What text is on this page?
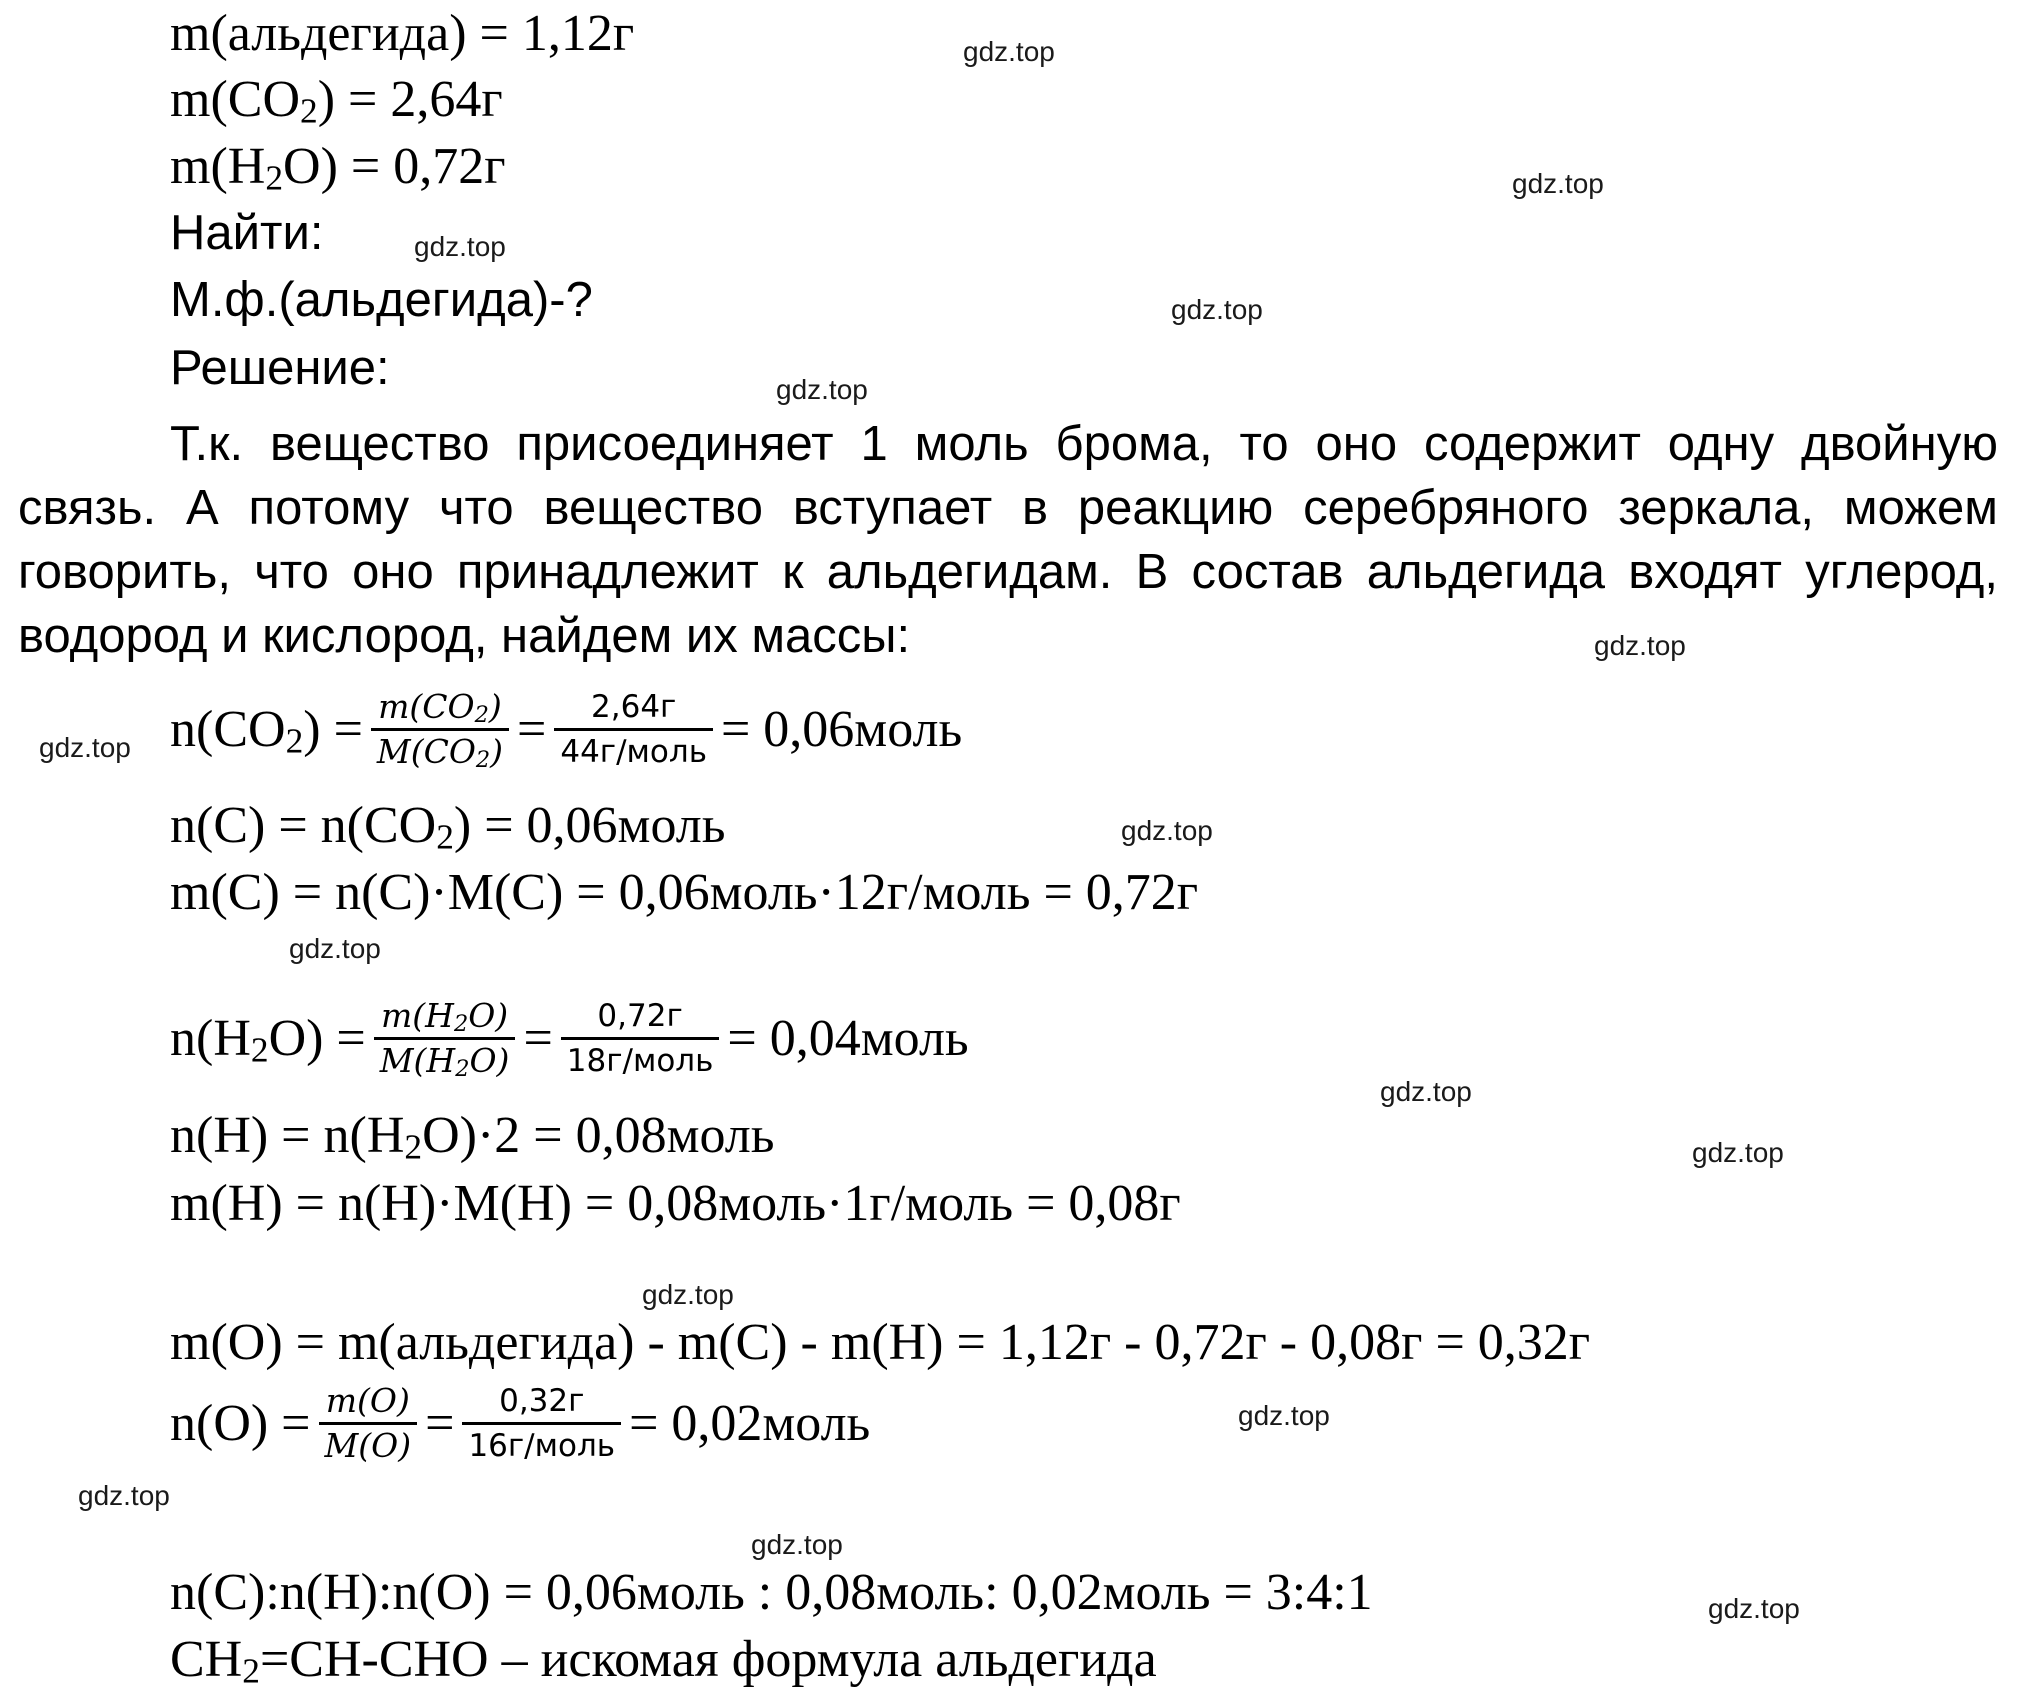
m(альдегида) = 1,12г
$m(CO_2) = 2,64г$
$m(H_2O) = 0,72г$
Найти:
М.ф.(альдегида)-?
Решение:
Т.к. вещество присоединяет 1 моль брома, то оно содержит одну двойную связь. А потому что вещество вступает в реакцию серебряного зеркала, можем говорить, что оно принадлежит к альдегидам. В состав альдегида входят углерод, водород и кислород, найдем их массы:
$n(CO_2) = \frac{m(CO_2)}{M(CO_2)} = \frac{2,64г}{\text{44г/моль}}$ = 0,06моль
$n(C) = n(CO_2)$ = 0,06моль
m(C) = n(C)·M(C) = 0,06моль·12г/моль = 0,72г
$n(H_2O) = \frac{m(H_2O)}{M(H_2O)} = \frac{0,72г}{\text{18г/моль}}$ = 0,04моль
$n(H) = n(H_2O)\cdot 2$ = 0,08моль
m(H) = n(H)·M(H) = 0,08моль·1г/моль = 0,08г
m(O) = m(альдегида) - m(C) - m(H) = 1,12г - 0,72г - 0,08г = 0,32г
$n(O) = \frac{m(O)}{M(O)} = \frac{0,32г}{\text{16г/моль}}$ = 0,02моль
n(C):n(H):n(O) = 0,06моль : 0,08моль: 0,02моль = 3:4:1
$CH_2=CH$-CHO – искомая формула альдегида
gdz.top
gdz.top
gdz.top
gdz.top
gdz.top
gdz.top
gdz.top
gdz.top
gdz.top
gdz.top
gdz.top
gdz.top
gdz.top
gdz.top
gdz.top
gdz.top
